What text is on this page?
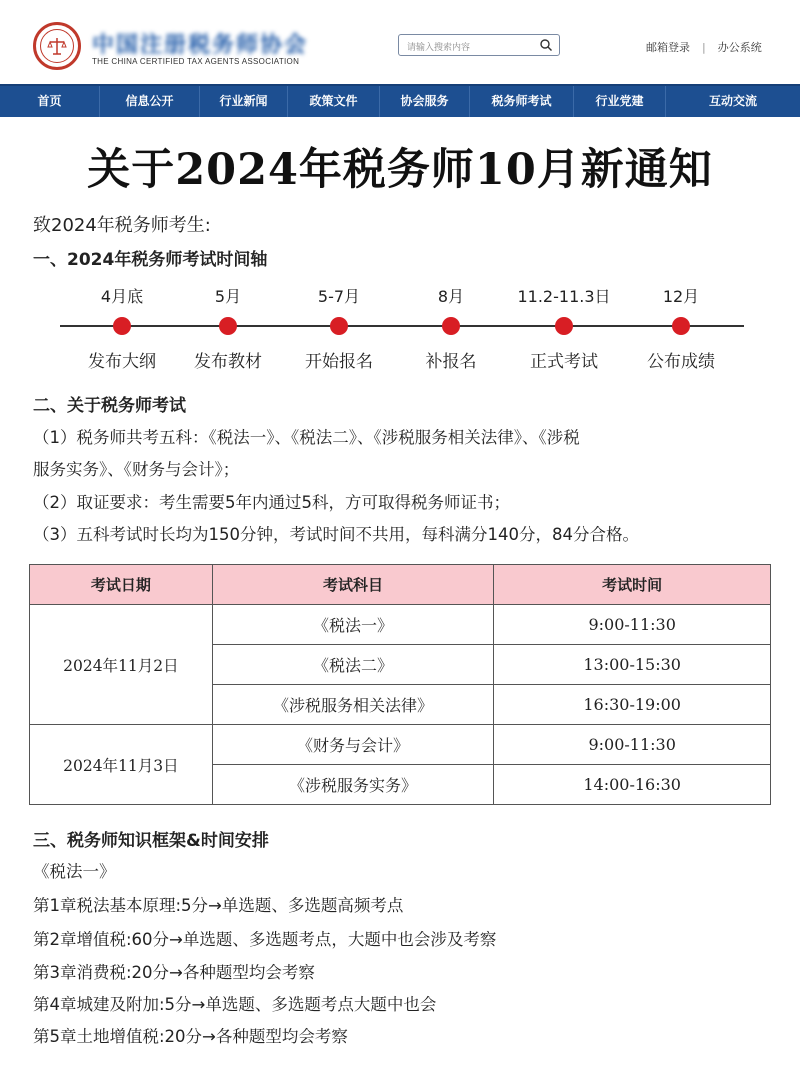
中国注册税务师协会
THE CHINA CERTIFIED TAX AGENTS ASSOCIATION
请输入搜索内容
邮箱登录 | 办公系统
首页	信息公开	行业新闻	政策文件	协会服务	税务师考试	行业党建	互动交流
关于2024年税务师10月新通知
致2024年税务师考生:
一、2024年税务师考试时间轴
4月底
发布大纲
5月
发布教材
5-7月
开始报名
8月
补报名
11.2-11.3日
正式考试
12月
公布成绩
二、关于税务师考试
（1）税务师共考五科：《税法一》、《税法二》、《涉税服务相关法律》、《涉税
服务实务》、《财务与会计》；
（2）取证要求：考生需要5年内通过5科，方可取得税务师证书；
（3）五科考试时长均为150分钟，考试时间不共用，每科满分140分，84分合格。
考试日期	考试科目	考试时间
2024年11月2日	《税法一》	9:00-11:30
	《税法二》	13:00-15:30
	《涉税服务相关法律》	16:30-19:00
2024年11月3日	《财务与会计》	9:00-11:30
	《涉税服务实务》	14:00-16:30
三、税务师知识框架&时间安排
《税法一》
第1章税法基本原理:5分→单选题、多选题高频考点
第2章增值税:60分→单选题、多选题考点，大题中也会涉及考察
第3章消费税:20分→各种题型均会考察
第4章城建及附加:5分→单选题、多选题考点大题中也会
第5章土地增值税:20分→各种题型均会考察
